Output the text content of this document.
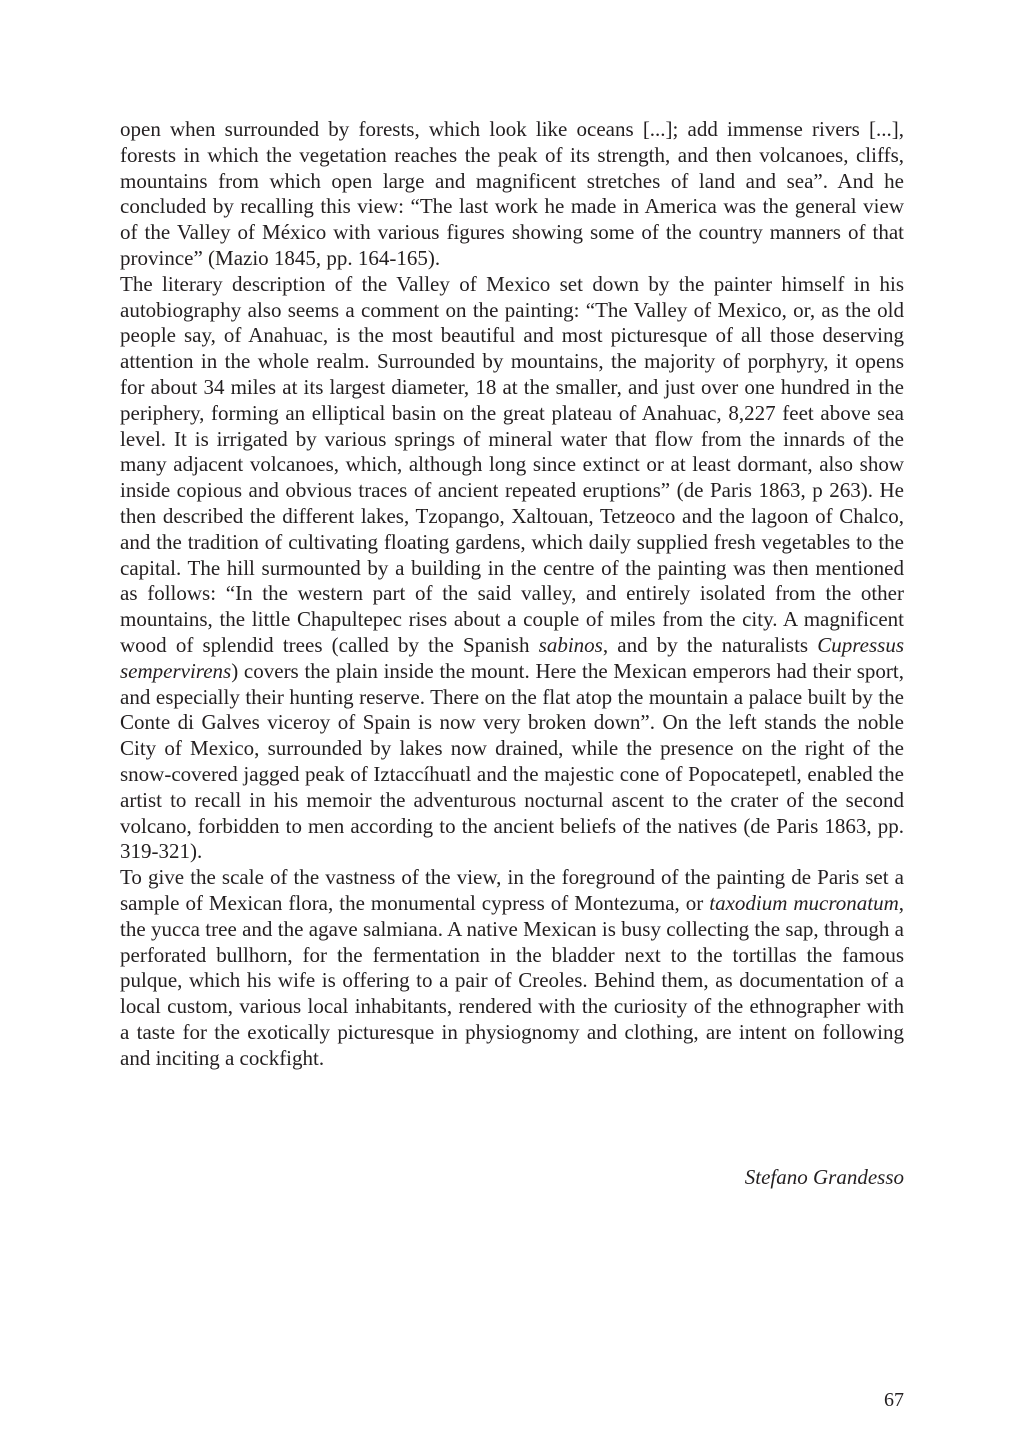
open when surrounded by forests, which look like oceans [...]; add immense rivers [...], forests in which the vegetation reaches the peak of its strength, and then volcanoes, cliffs, mountains from which open large and magnificent stretches of land and sea”. And he concluded by recalling this view: “The last work he made in America was the general view of the Valley of México with various figures showing some of the country manners of that province” (Mazio 1845, pp. 164-165).

The literary description of the Valley of Mexico set down by the painter himself in his autobiography also seems a comment on the painting: “The Valley of Mexico, or, as the old people say, of Anahuac, is the most beautiful and most picturesque of all those deserving attention in the whole realm. Surrounded by mountains, the majority of porphyry, it opens for about 34 miles at its largest diameter, 18 at the smaller, and just over one hundred in the periphery, forming an elliptical basin on the great plateau of Anahuac, 8,227 feet above sea level. It is irrigated by various springs of mineral water that flow from the innards of the many adjacent volcanoes, which, although long since extinct or at least dormant, also show inside copious and obvious traces of ancient repeated eruptions” (de Paris 1863, p 263). He then described the different lakes, Tzopango, Xaltouan, Tetzeoco and the lagoon of Chalco, and the tradition of cultivating floating gardens, which daily supplied fresh vegetables to the capital. The hill surmounted by a building in the centre of the painting was then mentioned as follows: “In the western part of the said valley, and entirely isolated from the other mountains, the little Chapultepec rises about a couple of miles from the city. A magnificent wood of splendid trees (called by the Spanish sabinos, and by the naturalists Cupressus sempervirens) covers the plain inside the mount. Here the Mexican emperors had their sport, and especially their hunting reserve. There on the flat atop the mountain a palace built by the Conte di Galves viceroy of Spain is now very broken down”. On the left stands the noble City of Mexico, surrounded by lakes now drained, while the presence on the right of the snow-covered jagged peak of Iztaccíhuatl and the majestic cone of Popocatepetl, enabled the artist to recall in his memoir the adventurous nocturnal ascent to the crater of the second volcano, forbidden to men according to the ancient beliefs of the natives (de Paris 1863, pp. 319-321).

To give the scale of the vastness of the view, in the foreground of the painting de Paris set a sample of Mexican flora, the monumental cypress of Montezuma, or taxodium mucronatum, the yucca tree and the agave salmiana. A native Mexican is busy collecting the sap, through a perforated bullhorn, for the fermentation in the bladder next to the tortillas the famous pulque, which his wife is offering to a pair of Creoles. Behind them, as documentation of a local custom, various local inhabitants, rendered with the curiosity of the ethnographer with a taste for the exotically picturesque in physiognomy and clothing, are intent on following and inciting a cockfight.

Stefano Grandesso
67
